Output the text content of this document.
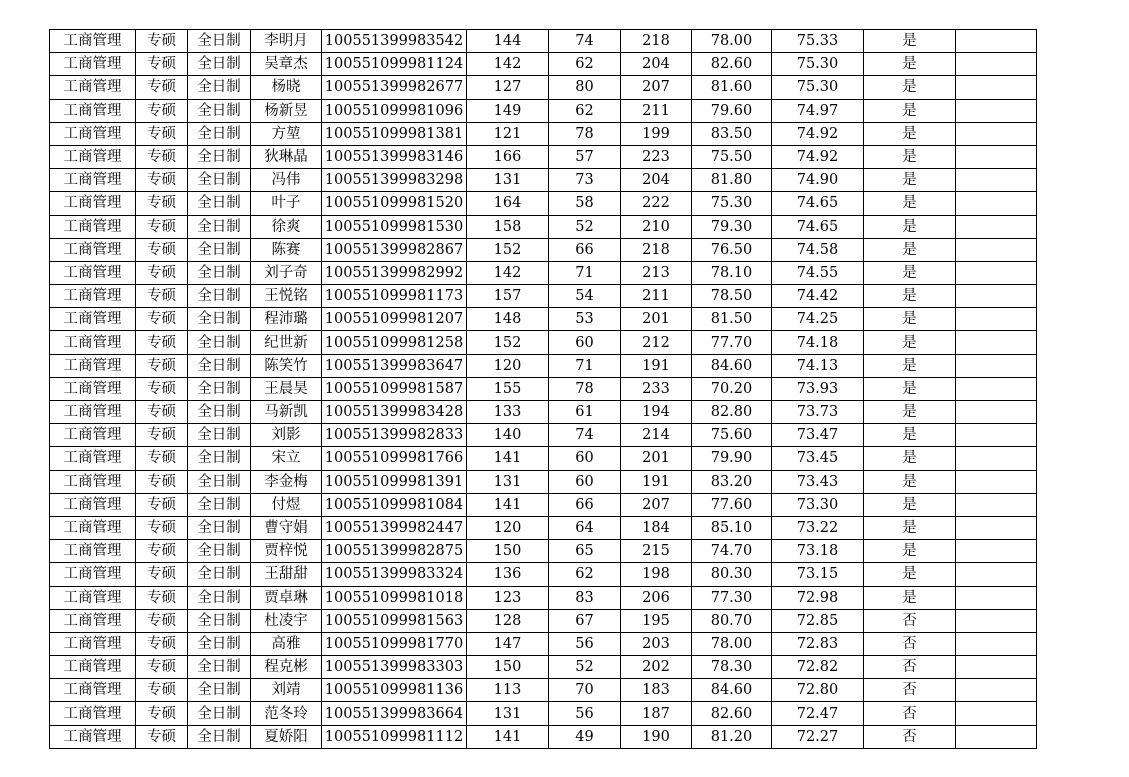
工商管理	专硕	全日制	李明月	100551399983542	144	74	218	78.00	75.33	是	
工商管理	专硕	全日制	吴章杰	100551099981124	142	62	204	82.60	75.30	是	
工商管理	专硕	全日制	杨晓	100551399982677	127	80	207	81.60	75.30	是	
工商管理	专硕	全日制	杨新昱	100551099981096	149	62	211	79.60	74.97	是	
工商管理	专硕	全日制	方堃	100551099981381	121	78	199	83.50	74.92	是	
工商管理	专硕	全日制	狄琳晶	100551399983146	166	57	223	75.50	74.92	是	
工商管理	专硕	全日制	冯伟	100551399983298	131	73	204	81.80	74.90	是	
工商管理	专硕	全日制	叶子	100551099981520	164	58	222	75.30	74.65	是	
工商管理	专硕	全日制	徐爽	100551099981530	158	52	210	79.30	74.65	是	
工商管理	专硕	全日制	陈赛	100551399982867	152	66	218	76.50	74.58	是	
工商管理	专硕	全日制	刘子奇	100551399982992	142	71	213	78.10	74.55	是	
工商管理	专硕	全日制	王悦铭	100551099981173	157	54	211	78.50	74.42	是	
工商管理	专硕	全日制	程沛璐	100551099981207	148	53	201	81.50	74.25	是	
工商管理	专硕	全日制	纪世新	100551099981258	152	60	212	77.70	74.18	是	
工商管理	专硕	全日制	陈笑竹	100551399983647	120	71	191	84.60	74.13	是	
工商管理	专硕	全日制	王晨昊	100551099981587	155	78	233	70.20	73.93	是	
工商管理	专硕	全日制	马新凯	100551399983428	133	61	194	82.80	73.73	是	
工商管理	专硕	全日制	刘影	100551399982833	140	74	214	75.60	73.47	是	
工商管理	专硕	全日制	宋立	100551099981766	141	60	201	79.90	73.45	是	
工商管理	专硕	全日制	李金梅	100551099981391	131	60	191	83.20	73.43	是	
工商管理	专硕	全日制	付煜	100551099981084	141	66	207	77.60	73.30	是	
工商管理	专硕	全日制	曹守娟	100551399982447	120	64	184	85.10	73.22	是	
工商管理	专硕	全日制	贾梓悦	100551399982875	150	65	215	74.70	73.18	是	
工商管理	专硕	全日制	王甜甜	100551399983324	136	62	198	80.30	73.15	是	
工商管理	专硕	全日制	贾卓琳	100551099981018	123	83	206	77.30	72.98	是	
工商管理	专硕	全日制	杜凌宇	100551099981563	128	67	195	80.70	72.85	否	
工商管理	专硕	全日制	高雅	100551099981770	147	56	203	78.00	72.83	否	
工商管理	专硕	全日制	程克彬	100551399983303	150	52	202	78.30	72.82	否	
工商管理	专硕	全日制	刘靖	100551099981136	113	70	183	84.60	72.80	否	
工商管理	专硕	全日制	范冬玲	100551399983664	131	56	187	82.60	72.47	否	
工商管理	专硕	全日制	夏娇阳	100551099981112	141	49	190	81.20	72.27	否	
